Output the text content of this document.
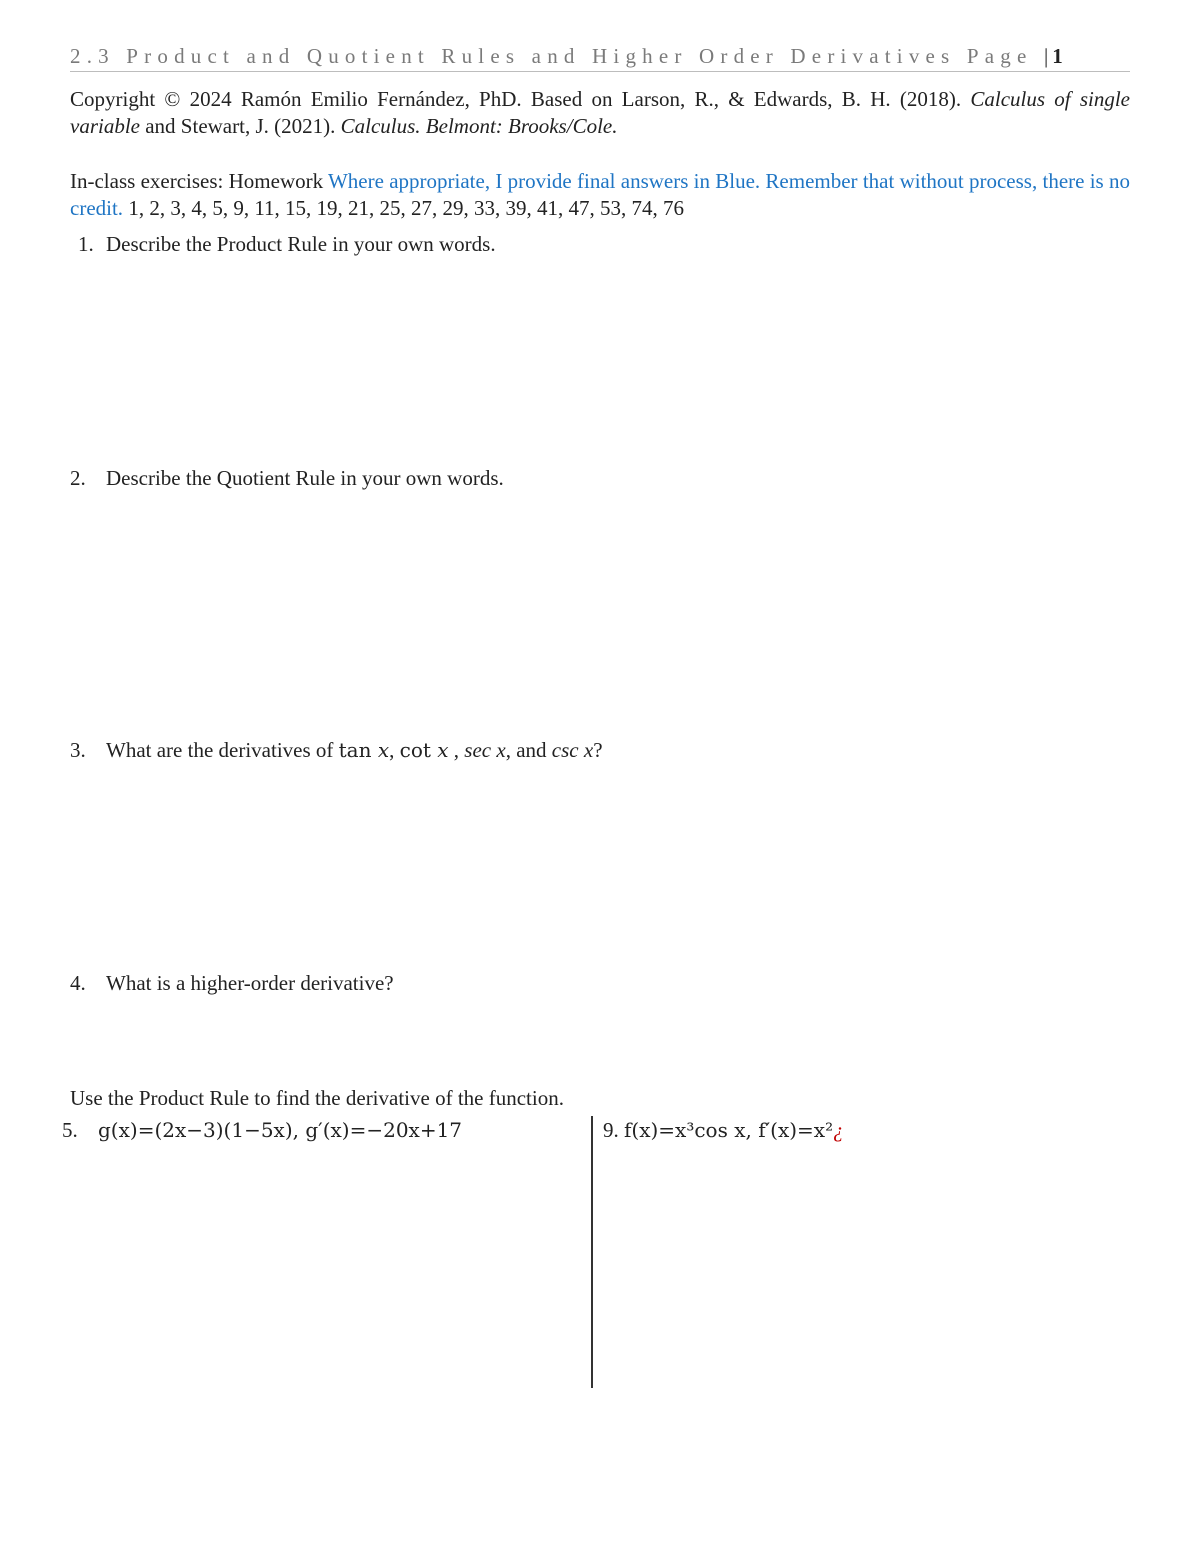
2.3 Product and Quotient Rules and Higher Order Derivatives Page | 1
Copyright © 2024 Ramón Emilio Fernández, PhD. Based on Larson, R., & Edwards, B. H. (2018). Calculus of single variable and Stewart, J. (2021). Calculus. Belmont: Brooks/Cole.
In-class exercises: Homework Where appropriate, I provide final answers in Blue. Remember that without process, there is no credit. 1, 2, 3, 4, 5, 9, 11, 15, 19, 21, 25, 27, 29, 33, 39, 41, 47, 53, 74, 76
1. Describe the Product Rule in your own words.
2. Describe the Quotient Rule in your own words.
3. What are the derivatives of tan x, cot x , sec x, and csc x?
4. What is a higher-order derivative?
Use the Product Rule to find the derivative of the function.
5. g(x)=(2x−3)(1−5x), g′(x)=−20x+17	9. f(x)=x³cos x, f′(x)=x²¿
